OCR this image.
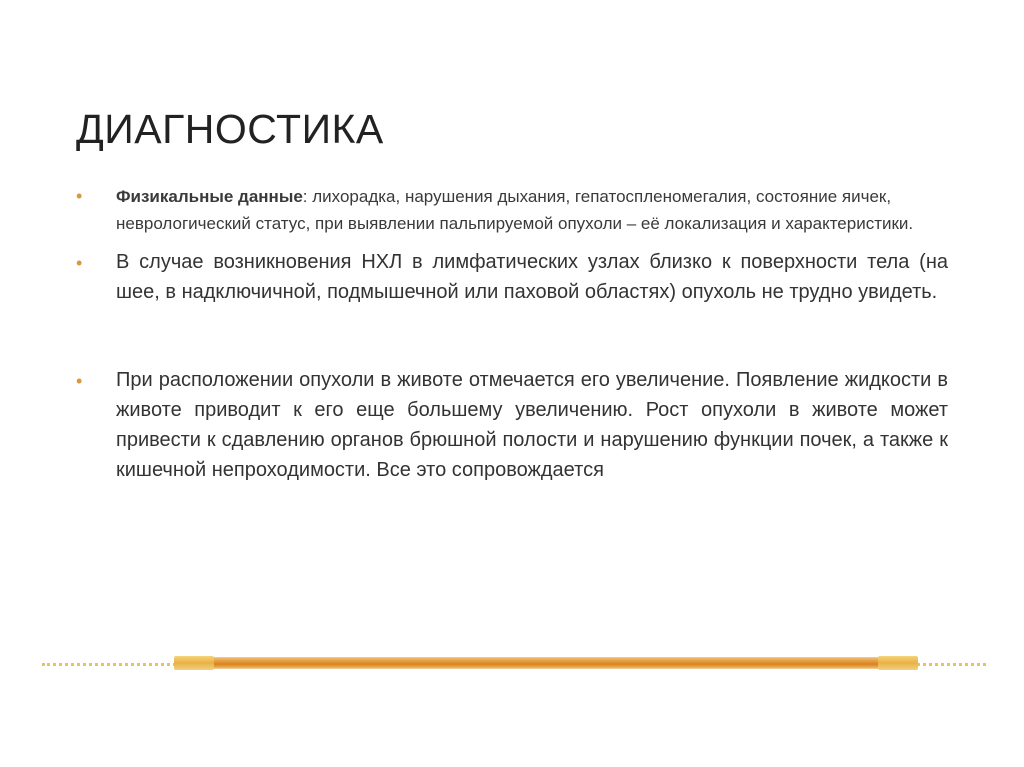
ДИАГНОСТИКА
• Физикальные данные: лихорадка, нарушения дыхания, гепатоспленомегалия, состояние яичек, неврологический статус, при выявлении пальпируемой опухоли – её локализация и характеристики.
• В случае возникновения НХЛ в лимфатических узлах близко к поверхности тела (на шее, в надключичной, подмышечной или паховой областях) опухоль не трудно увидеть.
• При расположении опухоли в животе отмечается его увеличение. Появление жидкости в животе приводит к его еще большему увеличению. Рост опухоли в животе может привести к сдавлению органов брюшной полости и нарушению функции почек, а также к кишечной непроходимости. Все это сопровождается
